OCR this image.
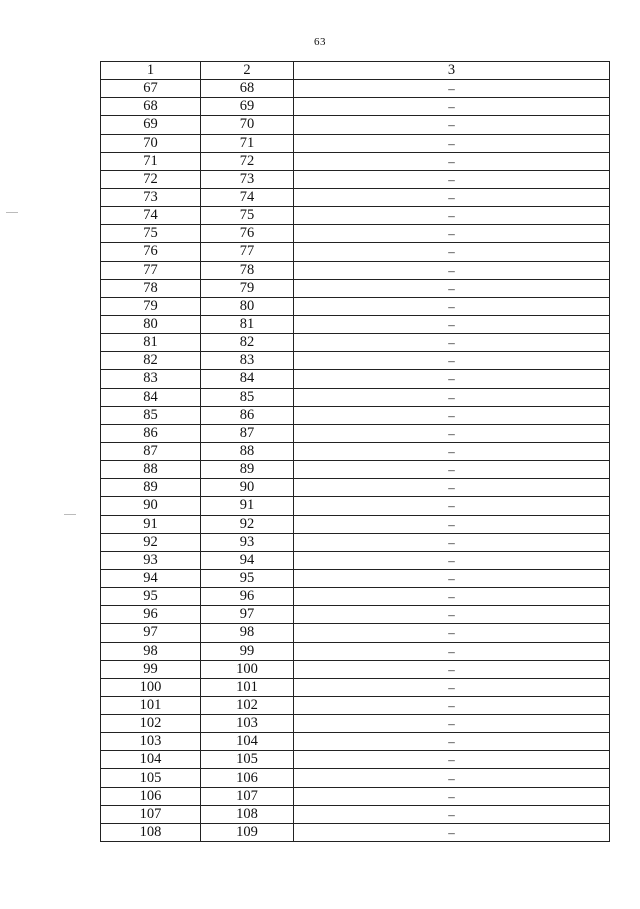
63
1	2	3
67	68	–
68	69	–
69	70	–
70	71	–
71	72	–
72	73	–
73	74	–
74	75	–
75	76	–
76	77	–
77	78	–
78	79	–
79	80	–
80	81	–
81	82	–
82	83	–
83	84	–
84	85	–
85	86	–
86	87	–
87	88	–
88	89	–
89	90	–
90	91	–
91	92	–
92	93	–
93	94	–
94	95	–
95	96	–
96	97	–
97	98	–
98	99	–
99	100	–
100	101	–
101	102	–
102	103	–
103	104	–
104	105	–
105	106	–
106	107	–
107	108	–
108	109	–
